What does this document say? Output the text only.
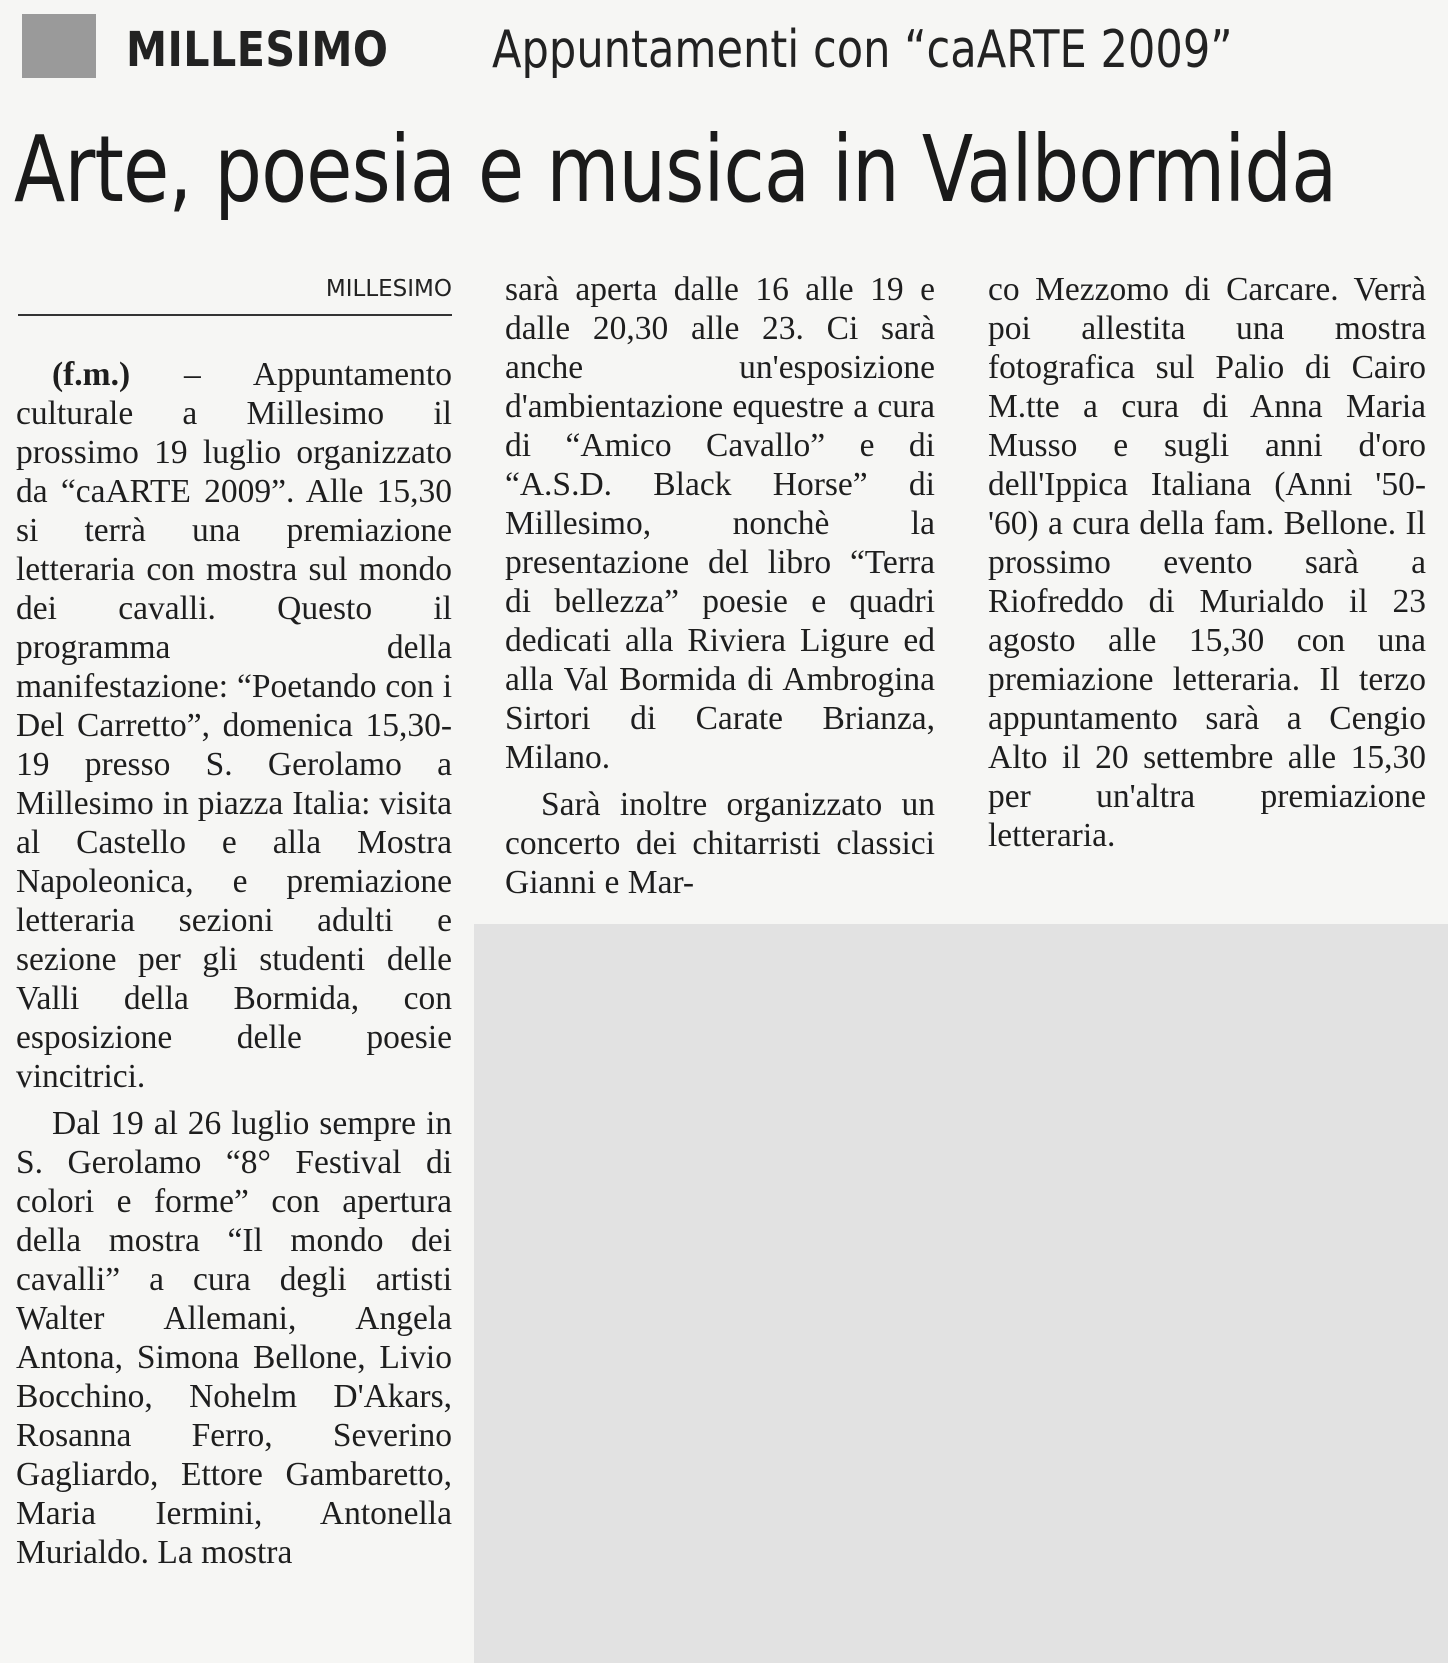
MILLESIMO Appuntamenti con “caARTE 2009”
Arte, poesia e musica in Valbormida
MILLESIMO

(f.m.) – Appuntamento culturale a Millesimo il prossimo 19 luglio organizzato da “caARTE 2009”. Alle 15,30 si terrà una premiazione letteraria con mostra sul mondo dei cavalli. Questo il programma della manifestazione: “Poetando con i Del Carretto”, domenica 15,30-19 presso S. Gerolamo a Millesimo in piazza Italia: visita al Castello e alla Mostra Napoleonica, e premiazione letteraria sezioni adulti e sezione per gli studenti delle Valli della Bormida, con esposizione delle poesie vincitrici.

Dal 19 al 26 luglio sempre in S. Gerolamo “8° Festival di colori e forme” con apertura della mostra “Il mondo dei cavalli” a cura degli artisti Walter Allemani, Angela Antona, Simona Bellone, Livio Bocchino, Nohelm D'Akars, Rosanna Ferro, Severino Gagliardo, Ettore Gambaretto, Maria Iermini, Antonella Murialdo. La mostra

sarà aperta dalle 16 alle 19 e dalle 20,30 alle 23. Ci sarà anche un'esposizione d'ambientazione equestre a cura di “Amico Cavallo” e di “A.S.D. Black Horse” di Millesimo, nonchè la presentazione del libro “Terra di bellezza” poesie e quadri dedicati alla Riviera Ligure ed alla Val Bormida di Ambrogina Sirtori di Carate Brianza, Milano.

Sarà inoltre organizzato un concerto dei chitarristi classici Gianni e Mar-

co Mezzomo di Carcare. Verrà poi allestita una mostra fotografica sul Palio di Cairo M.tte a cura di Anna Maria Musso e sugli anni d'oro dell'Ippica Italiana (Anni '50-'60) a cura della fam. Bellone. Il prossimo evento sarà a Riofreddo di Murialdo il 23 agosto alle 15,30 con una premiazione letteraria. Il terzo appuntamento sarà a Cengio Alto il 20 settembre alle 15,30 per un'altra premiazione letteraria.
